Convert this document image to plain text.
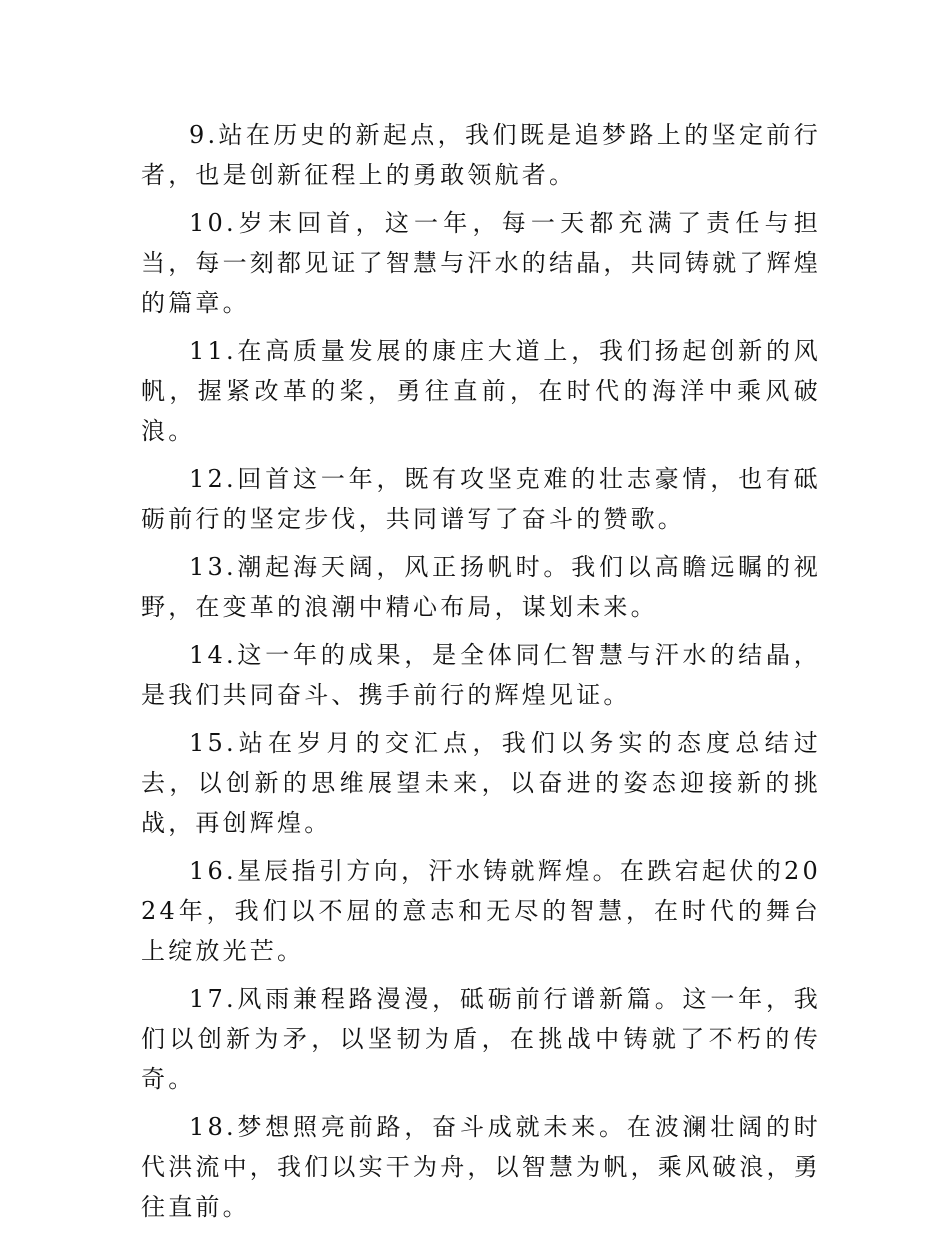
9.站在历史的新起点，我们既是追梦路上的坚定前行者，也是创新征程上的勇敢领航者。

10.岁末回首，这一年，每一天都充满了责任与担当，每一刻都见证了智慧与汗水的结晶，共同铸就了辉煌的篇章。

11.在高质量发展的康庄大道上，我们扬起创新的风帆，握紧改革的桨，勇往直前，在时代的海洋中乘风破浪。

12.回首这一年，既有攻坚克难的壮志豪情，也有砥砺前行的坚定步伐，共同谱写了奋斗的赞歌。

13.潮起海天阔，风正扬帆时。我们以高瞻远瞩的视野，在变革的浪潮中精心布局，谋划未来。

14.这一年的成果，是全体同仁智慧与汗水的结晶，是我们共同奋斗、携手前行的辉煌见证。

15.站在岁月的交汇点，我们以务实的态度总结过去，以创新的思维展望未来，以奋进的姿态迎接新的挑战，再创辉煌。

16.星辰指引方向，汗水铸就辉煌。在跌宕起伏的2024年，我们以不屈的意志和无尽的智慧，在时代的舞台上绽放光芒。

17.风雨兼程路漫漫，砥砺前行谱新篇。这一年，我们以创新为矛，以坚韧为盾，在挑战中铸就了不朽的传奇。

18.梦想照亮前路，奋斗成就未来。在波澜壮阔的时代洪流中，我们以实干为舟，以智慧为帆，乘风破浪，勇往直前。
